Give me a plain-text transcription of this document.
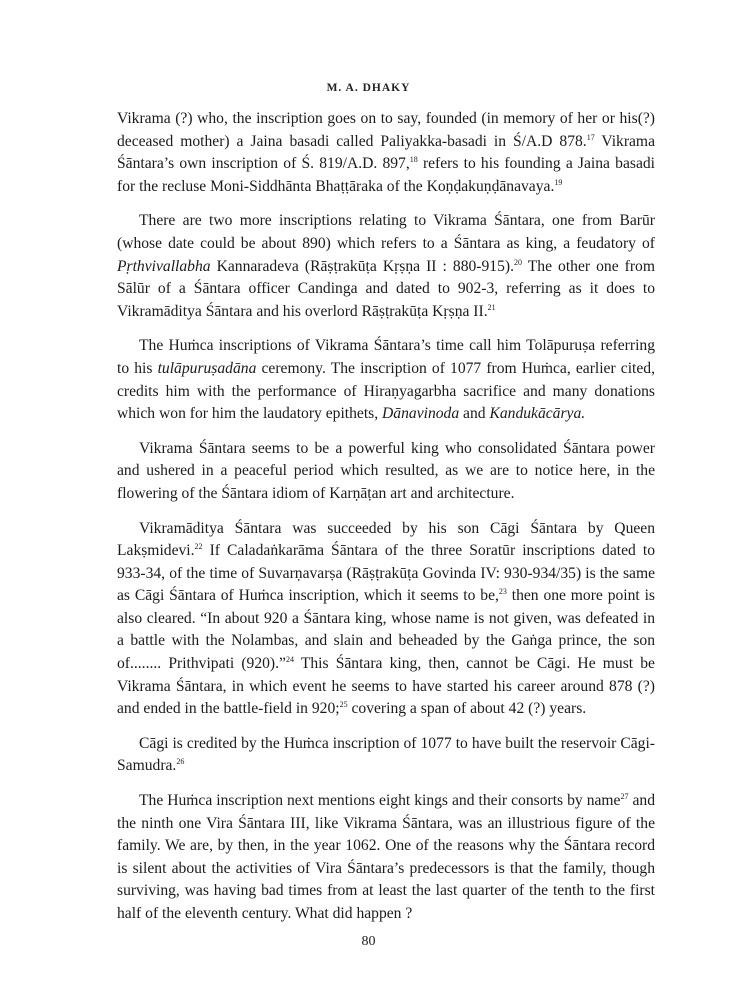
M. A. DHAKY

Vikrama (?) who, the inscription goes on to say, founded (in memory of her or his(?) deceased mother) a Jaina basadi called Paliyakka-basadi in Ś/A.D 878.17 Vikrama Śāntara’s own inscription of Ś. 819/A.D. 897,18 refers to his founding a Jaina basadi for the recluse Moni-Siddhānta Bhaṭṭāraka of the Koṇḍakuṇḍānavaya.$^{19}$

There are two more inscriptions relating to Vikrama Śāntara, one from Barūr (whose date could be about 890) which refers to a Śāntara as king, a feudatory of Pṛthvivallabha Kannaradeva (Rāṣṭrakūṭa Kṛṣṇa II : 880-915).$^{20}$ The other one from Sālūr of a Śāntara officer Candinga and dated to 902-3, referring as it does to Vikramāditya Śāntara and his overlord Rāṣṭrakūṭa Kṛṣṇa II.$^{21}$

The Huṁca inscriptions of Vikrama Śāntara’s time call him Tolāpuruṣa referring to his tulāpuruṣadāna ceremony. The inscription of 1077 from Huṁca, earlier cited, credits him with the performance of Hiraṇyagarbha sacrifice and many donations which won for him the laudatory epithets, Dānavinoda and Kandukācārya.

Vikrama Śāntara seems to be a powerful king who consolidated Śāntara power and ushered in a peaceful period which resulted, as we are to notice here, in the flowering of the Śāntara idiom of Karṇāṭan art and architecture.

Vikramāditya Śāntara was succeeded by his son Cāgi Śāntara by Queen Lakṣmidevi.$^{22}$ If Caladaṅkarāma Śāntara of the three Soratūr inscriptions dated to 933-34, of the time of Suvarṇavarṣa (Rāṣṭrakūṭa Govinda IV: 930-934/35) is the same as Cāgi Śāntara of Huṁca inscription, which it seems to be,$^{23}$ then one more point is also cleared. “In about 920 a Śāntara king, whose name is not given, was defeated in a battle with the Nolambas, and slain and beheaded by the Gaṅga prince, the son of........ Prithvipati (920).”$^{24}$ This Śāntara king, then, cannot be Cāgi. He must be Vikrama Śāntara, in which event he seems to have started his career around 878 (?) and ended in the battle-field in 920;$^{25}$ covering a span of about 42 (?) years.

Cāgi is credited by the Huṁca inscription of 1077 to have built the reservoir Cāgi-Samudra.$^{26}$

The Huṁca inscription next mentions eight kings and their consorts by name$^{27}$ and the ninth one Vira Śāntara III, like Vikrama Śāntara, was an illustrious figure of the family. We are, by then, in the year 1062. One of the reasons why the Śāntara record is silent about the activities of Vira Śāntara’s predecessors is that the family, though surviving, was having bad times from at least the last quarter of the tenth to the first half of the eleventh century. What did happen ?

80
